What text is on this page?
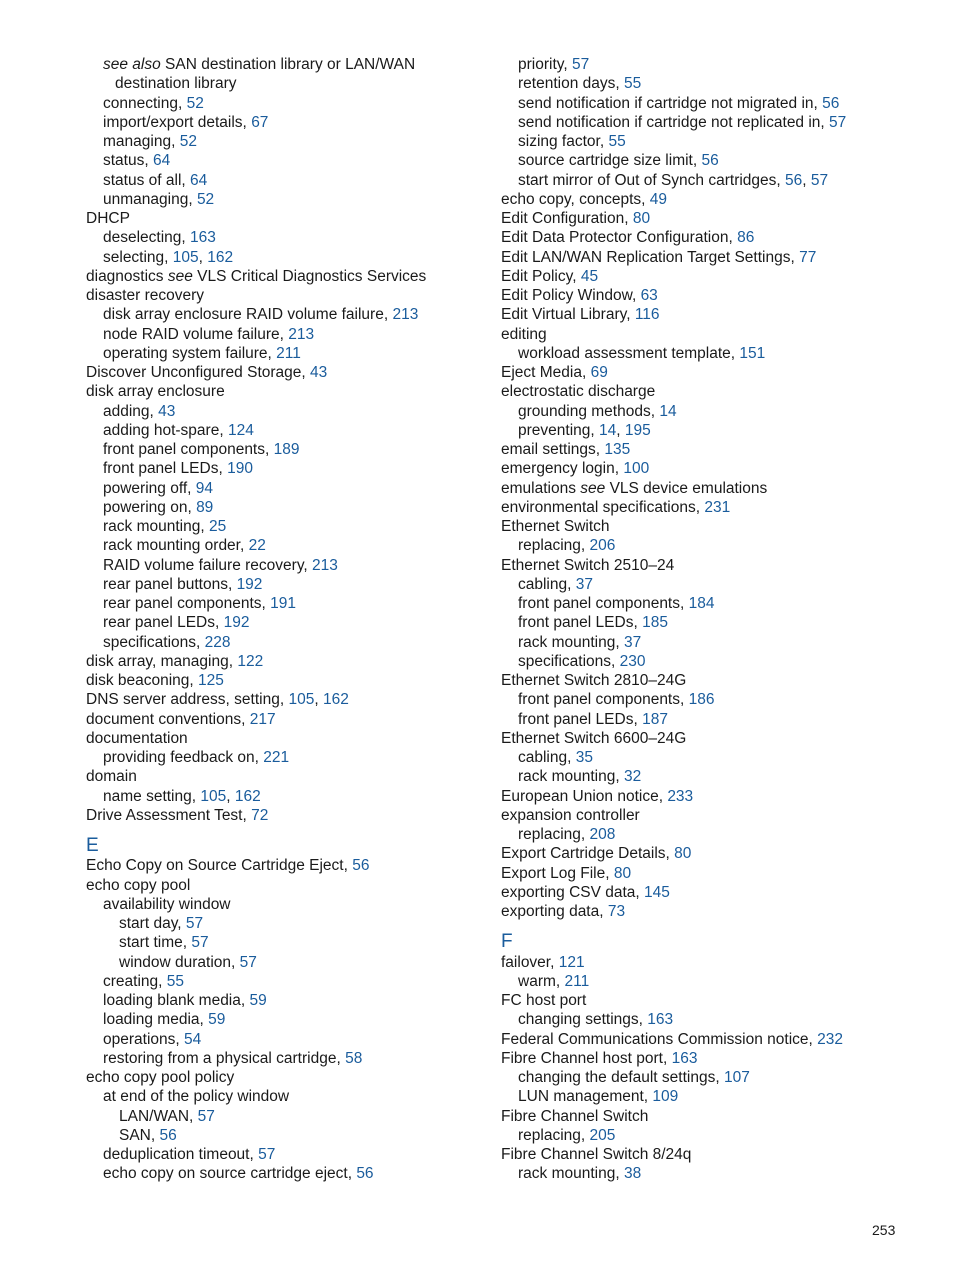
see also SAN destination library or LAN/WAN
destination library
connecting, 52
import/export details, 67
managing, 52
status, 64
status of all, 64
unmanaging, 52
DHCP
deselecting, 163
selecting, 105, 162
diagnostics see VLS Critical Diagnostics Services
disaster recovery
disk array enclosure RAID volume failure, 213
node RAID volume failure, 213
operating system failure, 211
Discover Unconfigured Storage, 43
disk array enclosure
adding, 43
adding hot-spare, 124
front panel components, 189
front panel LEDs, 190
powering off, 94
powering on, 89
rack mounting, 25
rack mounting order, 22
RAID volume failure recovery, 213
rear panel buttons, 192
rear panel components, 191
rear panel LEDs, 192
specifications, 228
disk array, managing, 122
disk beaconing, 125
DNS server address, setting, 105, 162
document conventions, 217
documentation
providing feedback on, 221
domain
name setting, 105, 162
Drive Assessment Test, 72
E
Echo Copy on Source Cartridge Eject, 56
echo copy pool
availability window
start day, 57
start time, 57
window duration, 57
creating, 55
loading blank media, 59
loading media, 59
operations, 54
restoring from a physical cartridge, 58
echo copy pool policy
at end of the policy window
LAN/WAN, 57
SAN, 56
deduplication timeout, 57
echo copy on source cartridge eject, 56
priority, 57
retention days, 55
send notification if cartridge not migrated in, 56
send notification if cartridge not replicated in, 57
sizing factor, 55
source cartridge size limit, 56
start mirror of Out of Synch cartridges, 56, 57
echo copy, concepts, 49
Edit Configuration, 80
Edit Data Protector Configuration, 86
Edit LAN/WAN Replication Target Settings, 77
Edit Policy, 45
Edit Policy Window, 63
Edit Virtual Library, 116
editing
workload assessment template, 151
Eject Media, 69
electrostatic discharge
grounding methods, 14
preventing, 14, 195
email settings, 135
emergency login, 100
emulations see VLS device emulations
environmental specifications, 231
Ethernet Switch
replacing, 206
Ethernet Switch 2510–24
cabling, 37
front panel components, 184
front panel LEDs, 185
rack mounting, 37
specifications, 230
Ethernet Switch 2810–24G
front panel components, 186
front panel LEDs, 187
Ethernet Switch 6600–24G
cabling, 35
rack mounting, 32
European Union notice, 233
expansion controller
replacing, 208
Export Cartridge Details, 80
Export Log File, 80
exporting CSV data, 145
exporting data, 73
F
failover, 121
warm, 211
FC host port
changing settings, 163
Federal Communications Commission notice, 232
Fibre Channel host port, 163
changing the default settings, 107
LUN management, 109
Fibre Channel Switch
replacing, 205
Fibre Channel Switch 8/24q
rack mounting, 38
253
